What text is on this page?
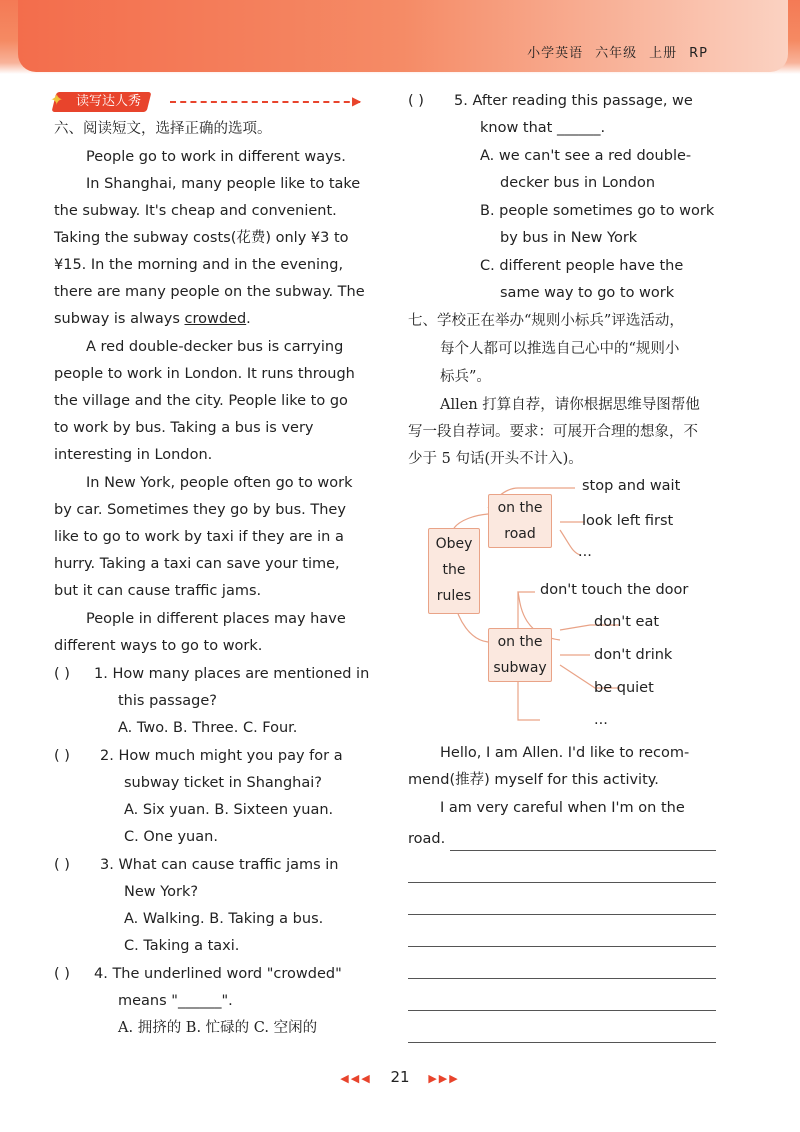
小学英语 六年级 上册 RP
读写达人秀
✦	▶
六、阅读短文，选择正确的选项。
People go to work in different ways.
In Shanghai, many people like to take
the subway. It's cheap and convenient.
Taking the subway costs(花费) only ¥3 to
¥15. In the morning and in the evening,
there are many people on the subway. The
subway is always crowded.
A red double-decker bus is carrying
people to work in London. It runs through
the village and the city. People like to go
to work by bus. Taking a bus is very
interesting in London.
In New York, people often go to work
by car. Sometimes they go by bus. They
like to go to work by taxi if they are in a
hurry. Taking a taxi can save your time,
but it can cause traffic jams.
People in different places may have
different ways to go to work.
( ) 1. How many places are mentioned in
this passage?
A. Two. B. Three. C. Four.
( ) 2. How much might you pay for a
subway ticket in Shanghai?
A. Six yuan. B. Sixteen yuan.
C. One yuan.
( ) 3. What can cause traffic jams in
New York?
A. Walking. B. Taking a bus.
C. Taking a taxi.
( ) 4. The underlined word "crowded"
means "______".
A. 拥挤的 B. 忙碌的 C. 空闲的
( ) 5. After reading this passage, we
know that ______.
A. we can't see a red double-
decker bus in London
B. people sometimes go to work
by bus in New York
C. different people have the
same way to go to work
七、学校正在举办“规则小标兵”评选活动，
每个人都可以推选自己心中的“规则小
标兵”。
Allen 打算自荐，请你根据思维导图帮他
写一段自荐词。要求：可展开合理的想象，不
少于 5 句话(开头不计入)。
Obey
the
rules
on the
road
stop and wait
look left first
...
on the
subway
don't touch the door
don't eat
don't drink
be quiet
...
Hello, I am Allen. I'd like to recom-
mend(推荐) myself for this activity.
I am very careful when I'm on the
road.
◀◀◀ 21 ▶▶▶
